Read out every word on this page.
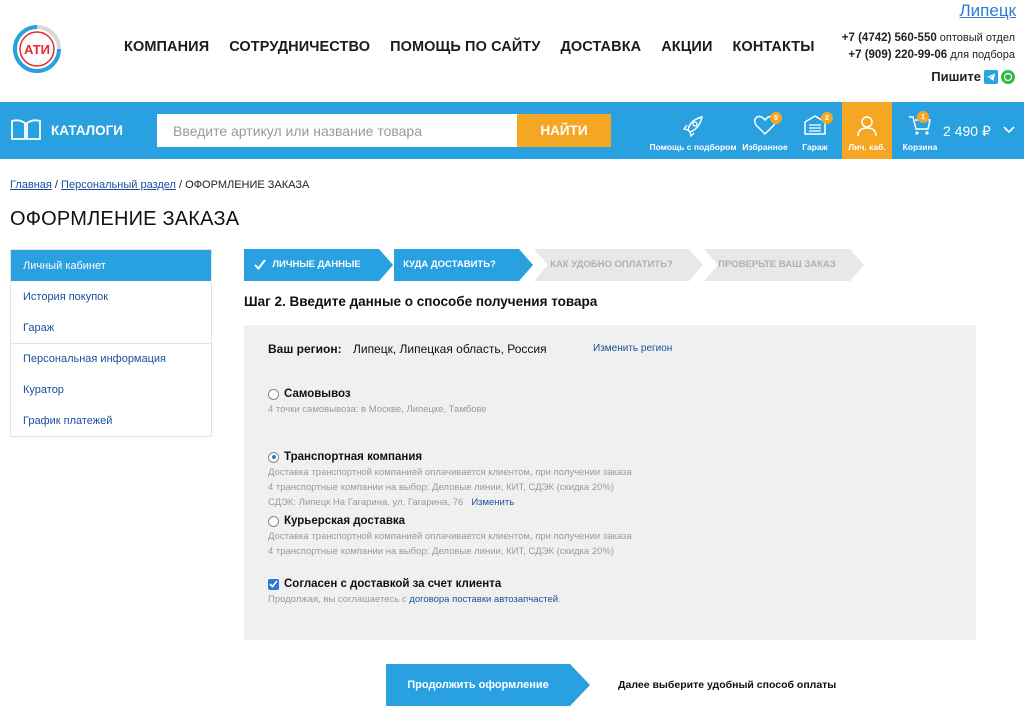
АТИ
Липецк
КОМПАНИЯ СОТРУДНИЧЕСТВО ПОМОЩЬ ПО САЙТУ ДОСТАВКА АКЦИИ КОНТАКТЫ
+7 (4742) 560-550 оптовый отдел
+7 (909) 220-99-06 для подбора
Пишите
КАТАЛОГИ
Введите артикул или название товара	НАЙТИ
Помощь с подбором
0
Избранное
2
Гараж	Лич. каб.
1
Корзина
2 490 ₽
Главная / Персональный раздел / ОФОРМЛЕНИЕ ЗАКАЗА
ОФОРМЛЕНИЕ ЗАКАЗА
Личный кабинет
История покупок
Гараж
Персональная информация
Куратор
График платежей
ЛИЧНЫЕ ДАННЫЕ	КУДА ДОСТАВИТЬ?	КАК УДОБНО ОПЛАТИТЬ?	ПРОВЕРЬТЕ ВАШ ЗАКАЗ
Шаг 2. Введите данные о способе получения товара
Ваш регион: Липецк, Липецкая область, Россия	Изменить регион
Самовывоз
4 точки самовывоза: в Москве, Липецке, Тамбове
Транспортная компания
Доставка транспортной компанией оплачивается клиентом, при получении заказа
4 транспортные компании на выбор: Деловые линии, КИТ, СДЭК (скидка 20%)
СДЭК: Липецк На Гагарина, ул. Гагарина, 76 Изменить
Курьерская доставка
Доставка транспортной компанией оплачивается клиентом, при получении заказа
4 транспортные компании на выбор: Деловые линии, КИТ, СДЭК (скидка 20%)
Согласен с доставкой за счет клиента
Продолжая, вы соглашаетесь с договора поставки автозапчастей.
Продолжить оформление	Далее выберите удобный способ оплаты
